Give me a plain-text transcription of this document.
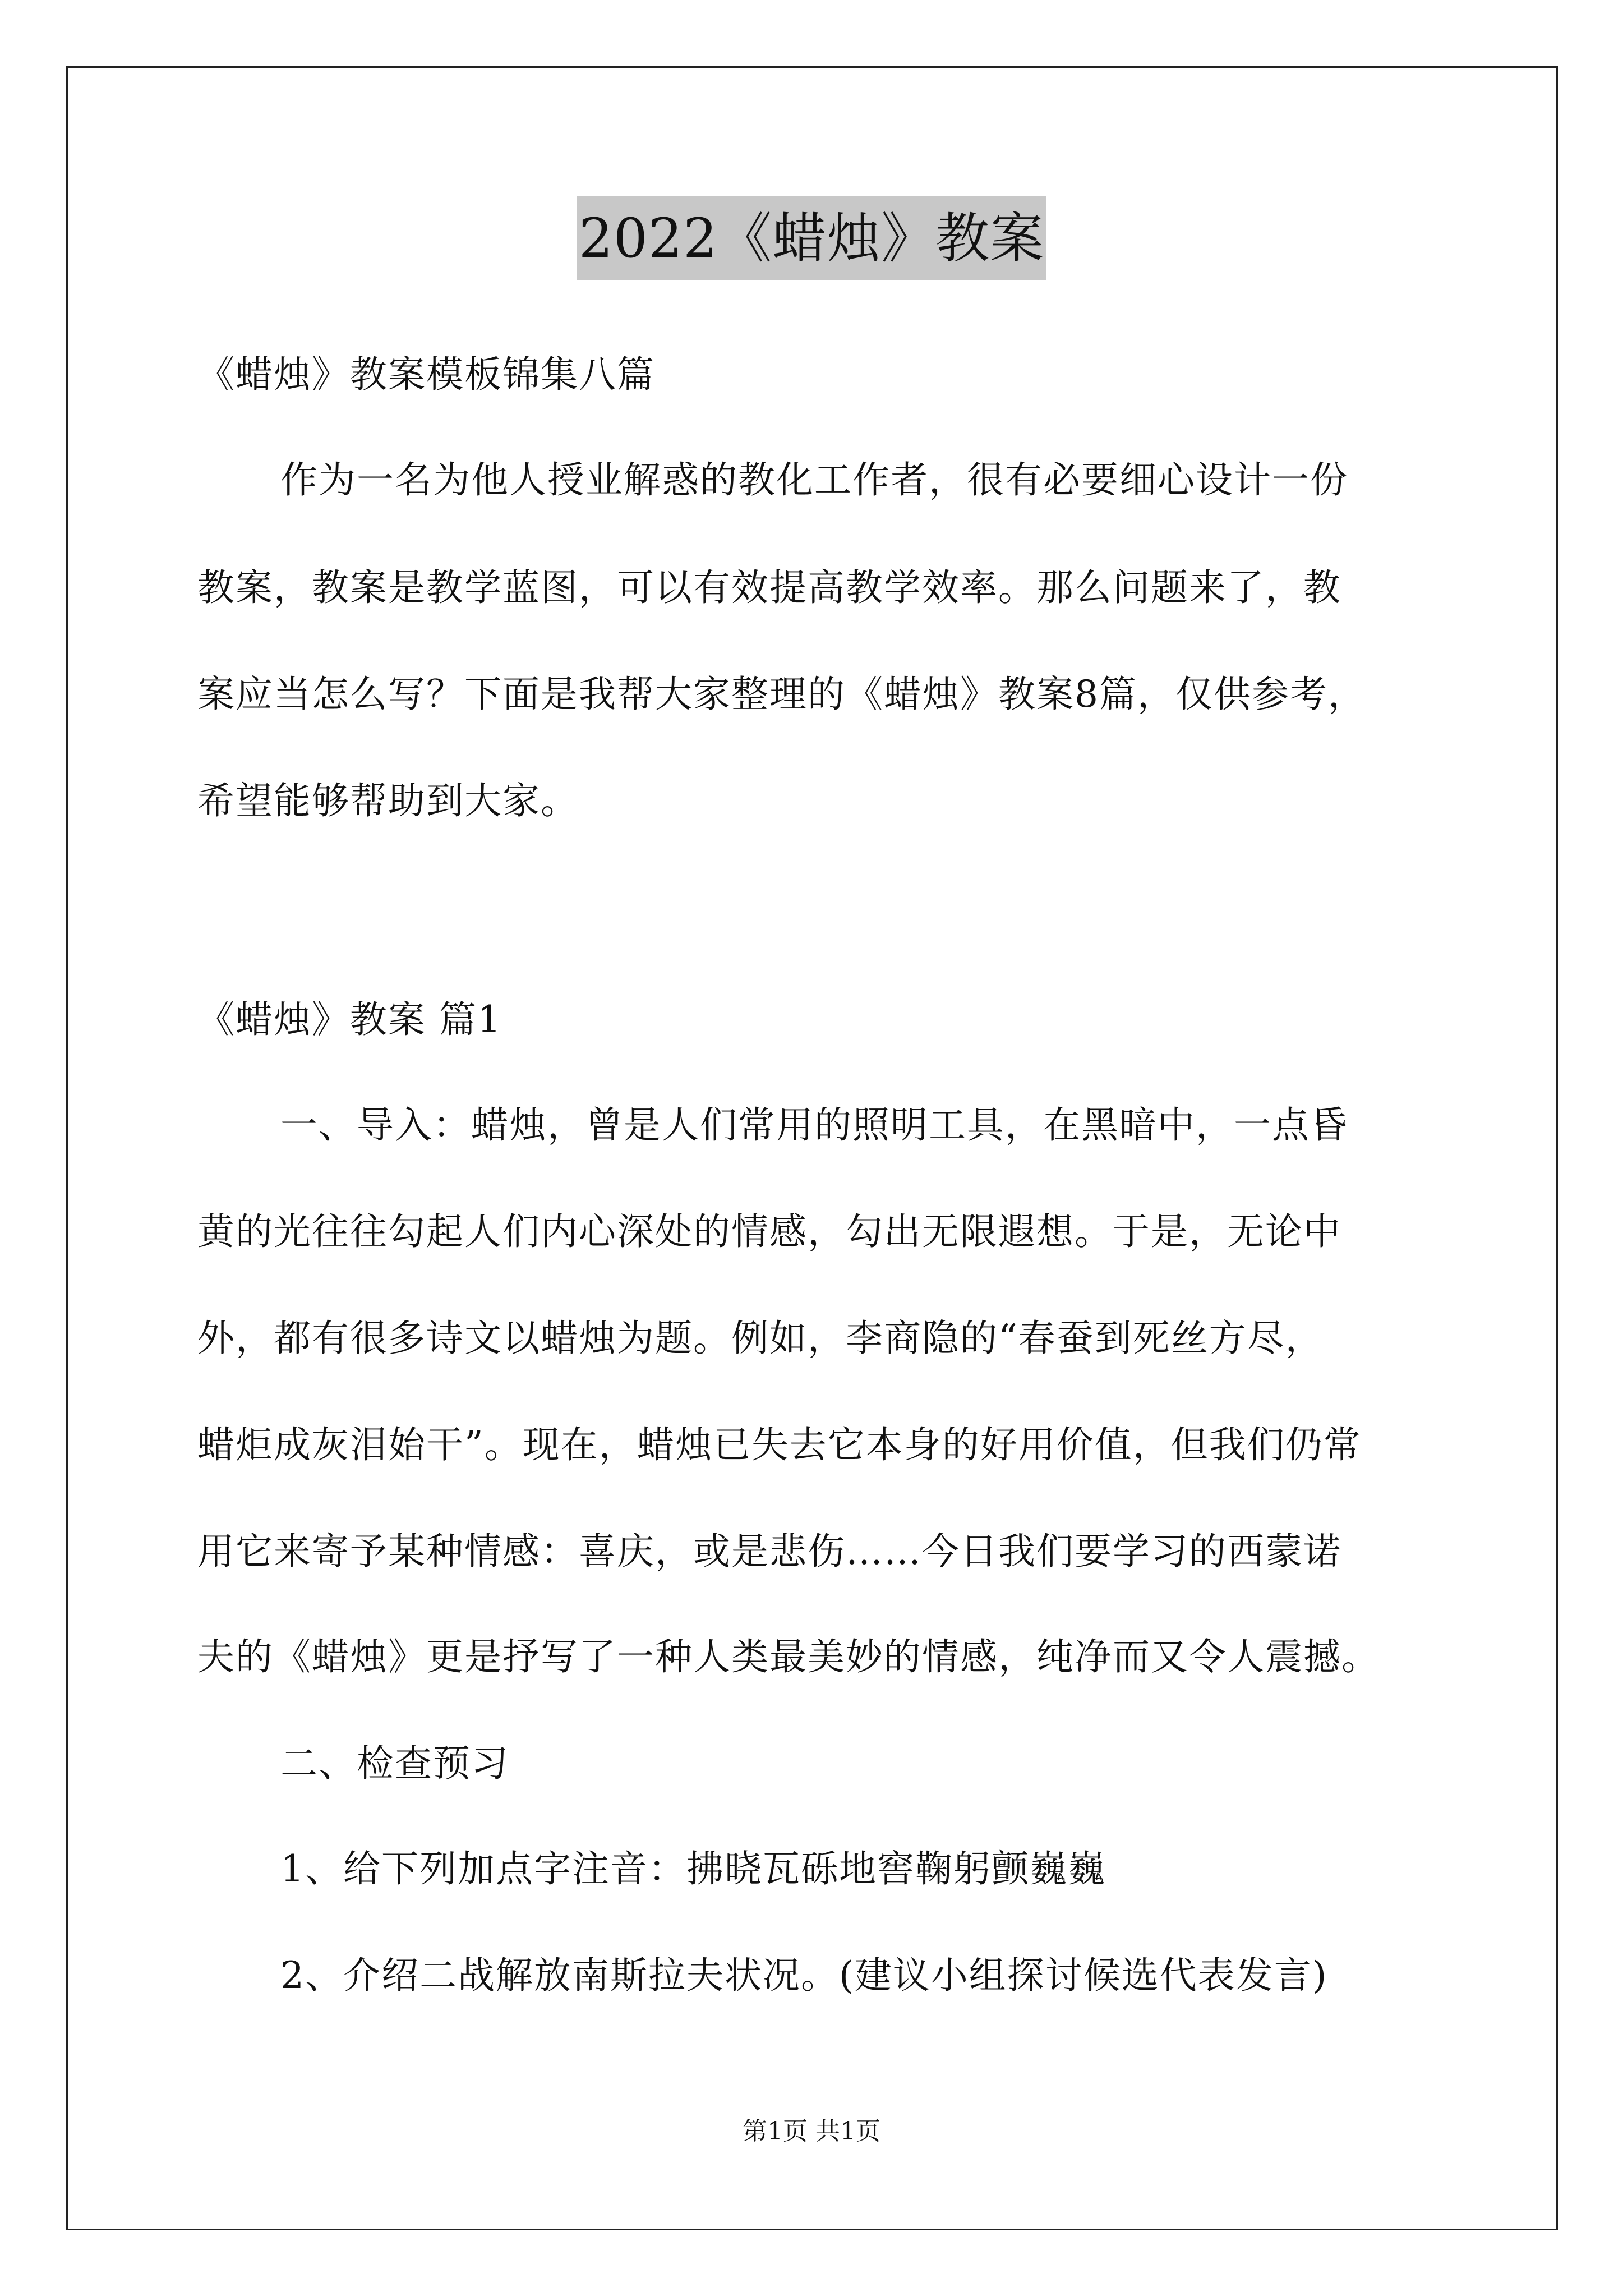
2022《蜡烛》教案
《蜡烛》教案模板锦集八篇
作为一名为他人授业解惑的教化工作者，很有必要细心设计一份
教案，教案是教学蓝图，可以有效提高教学效率。那么问题来了，教
案应当怎么写？下面是我帮大家整理的《蜡烛》教案8篇，仅供参考，
希望能够帮助到大家。
《蜡烛》教案 篇1
一、导入：蜡烛，曾是人们常用的照明工具，在黑暗中，一点昏
黄的光往往勾起人们内心深处的情感，勾出无限遐想。于是，无论中
外，都有很多诗文以蜡烛为题。例如，李商隐的“春蚕到死丝方尽，
蜡炬成灰泪始干”。现在，蜡烛已失去它本身的好用价值，但我们仍常
用它来寄予某种情感：喜庆，或是悲伤……今日我们要学习的西蒙诺
夫的《蜡烛》更是抒写了一种人类最美妙的情感，纯净而又令人震撼。
二、检查预习
1、给下列加点字注音：拂晓瓦砾地窖鞠躬颤巍巍
2、介绍二战解放南斯拉夫状况。(建议小组探讨候选代表发言)
第1页 共1页
